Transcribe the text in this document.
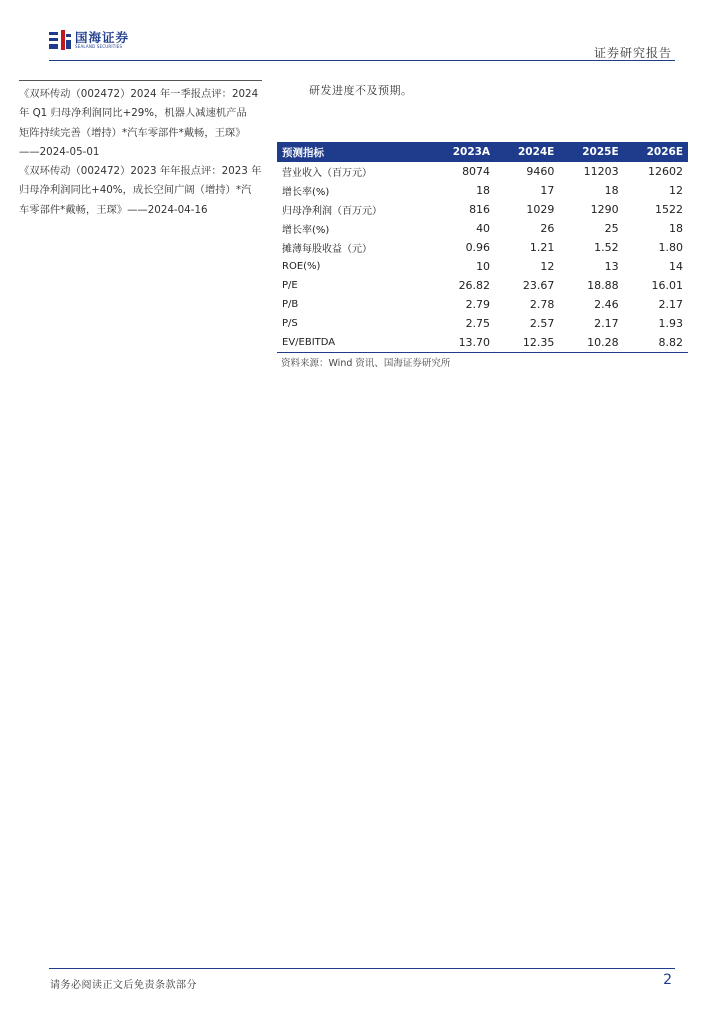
国海证券
SEALAND SECURITIES	证券研究报告

《双环传动（002472）2024 年一季报点评：2024

年 Q1 归母净利润同比+29%，机器人减速机产品

矩阵持续完善（增持）*汽车零部件*戴畅，王琛》

——2024-05-01

《双环传动（002472）2023 年年报点评：2023 年

归母净利润同比+40%，成长空间广阔（增持）*汽

车零部件*戴畅，王琛》——2024-04-16

研发进度不及预期。
预测指标	2023A	2024E	2025E	2026E
营业收入（百万元）	8074	9460	11203	12602
增长率(%)	18	17	18	12
归母净利润（百万元）	816	1029	1290	1522
增长率(%)	40	26	25	18
摊薄每股收益（元）	0.96	1.21	1.52	1.80
ROE(%)	10	12	13	14
P/E	26.82	23.67	18.88	16.01
P/B	2.79	2.78	2.46	2.17
P/S	2.75	2.57	2.17	1.93
EV/EBITDA	13.70	12.35	10.28	8.82
资料来源：Wind 资讯、国海证券研究所
请务必阅读正文后免责条款部分	2
